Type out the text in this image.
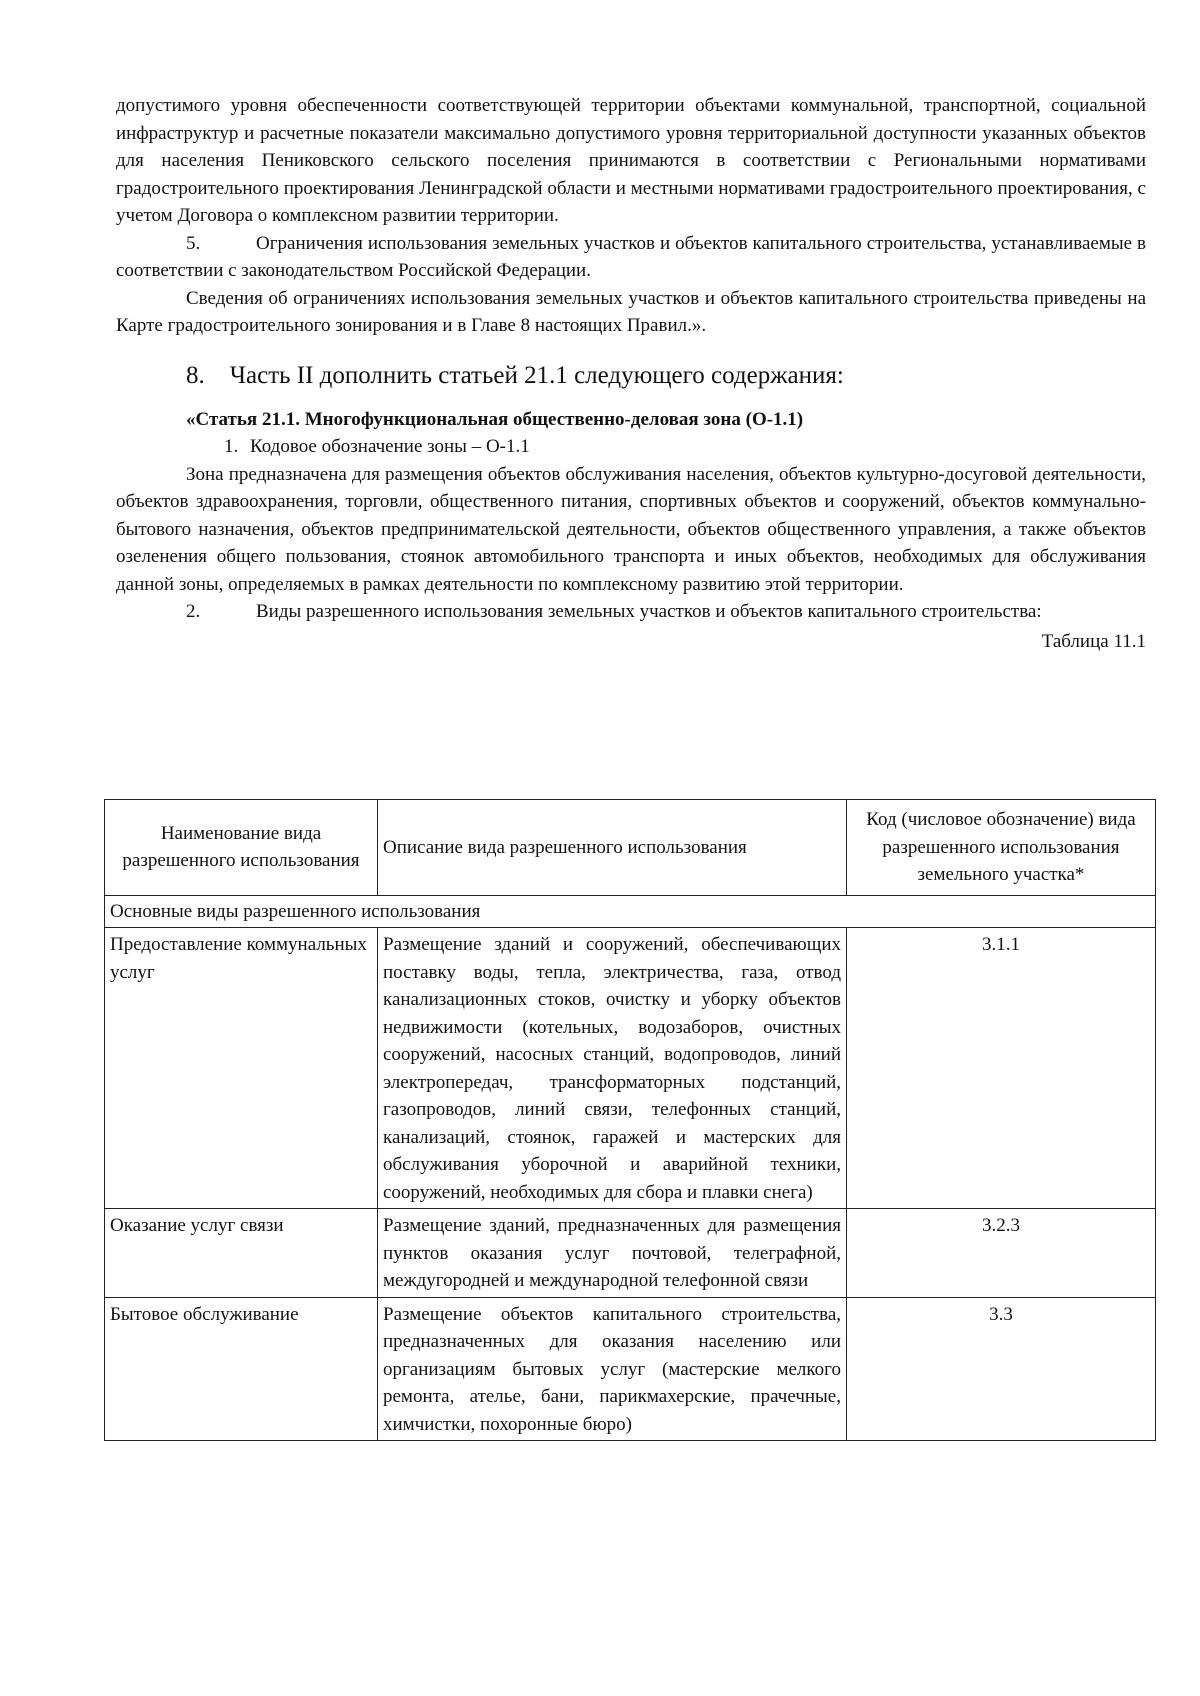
допустимого уровня обеспеченности соответствующей территории объектами коммунальной, транспортной, социальной инфраструктур и расчетные показатели максимально допустимого уровня территориальной доступности указанных объектов для населения Пениковского сельского поселения принимаются в соответствии с Региональными нормативами градостроительного проектирования Ленинградской области и местными нормативами градостроительного проектирования, с учетом Договора о комплексном развитии территории.

5.	Ограничения использования земельных участков и объектов капитального строительства, устанавливаемые в соответствии с законодательством Российской Федерации.

Сведения об ограничениях использования земельных участков и объектов капитального строительства приведены на Карте градостроительного зонирования и в Главе 8 настоящих Правил.».

8. Часть II дополнить статьей 21.1 следующего содержания:

«Статья 21.1. Многофункциональная общественно-деловая зона (О-1.1)

1. Кодовое обозначение зоны – О-1.1

Зона предназначена для размещения объектов обслуживания населения, объектов культурно-досуговой деятельности, объектов здравоохранения, торговли, общественного питания, спортивных объектов и сооружений, объектов коммунально-бытового назначения, объектов предпринимательской деятельности, объектов общественного управления, а также объектов озеленения общего пользования, стоянок автомобильного транспорта и иных объектов, необходимых для обслуживания данной зоны, определяемых в рамках деятельности по комплексному развитию этой территории.

2.	Виды разрешенного использования земельных участков и объектов капитального строительства:

Таблица 11.1

Наименование вида разрешенного использования	Описание вида разрешенного использования	Код (числовое обозначение) вида разрешенного использования земельного участка*
Основные виды разрешенного использования		
Предоставление коммунальных услуг	Размещение зданий и сооружений, обеспечивающих поставку воды, тепла, электричества, газа, отвод канализационных стоков, очистку и уборку объектов недвижимости (котельных, водозаборов, очистных сооружений, насосных станций, водопроводов, линий электропередач, трансформаторных подстанций, газопроводов, линий связи, телефонных станций, канализаций, стоянок, гаражей и мастерских для обслуживания уборочной и аварийной техники, сооружений, необходимых для сбора и плавки снега)	3.1.1
Оказание услуг связи	Размещение зданий, предназначенных для размещения пунктов оказания услуг почтовой, телеграфной, междугородней и международной телефонной связи	3.2.3
Бытовое обслуживание	Размещение объектов капитального строительства, предназначенных для оказания населению или организациям бытовых услуг (мастерские мелкого ремонта, ателье, бани, парикмахерские, прачечные, химчистки, похоронные бюро)	3.3
